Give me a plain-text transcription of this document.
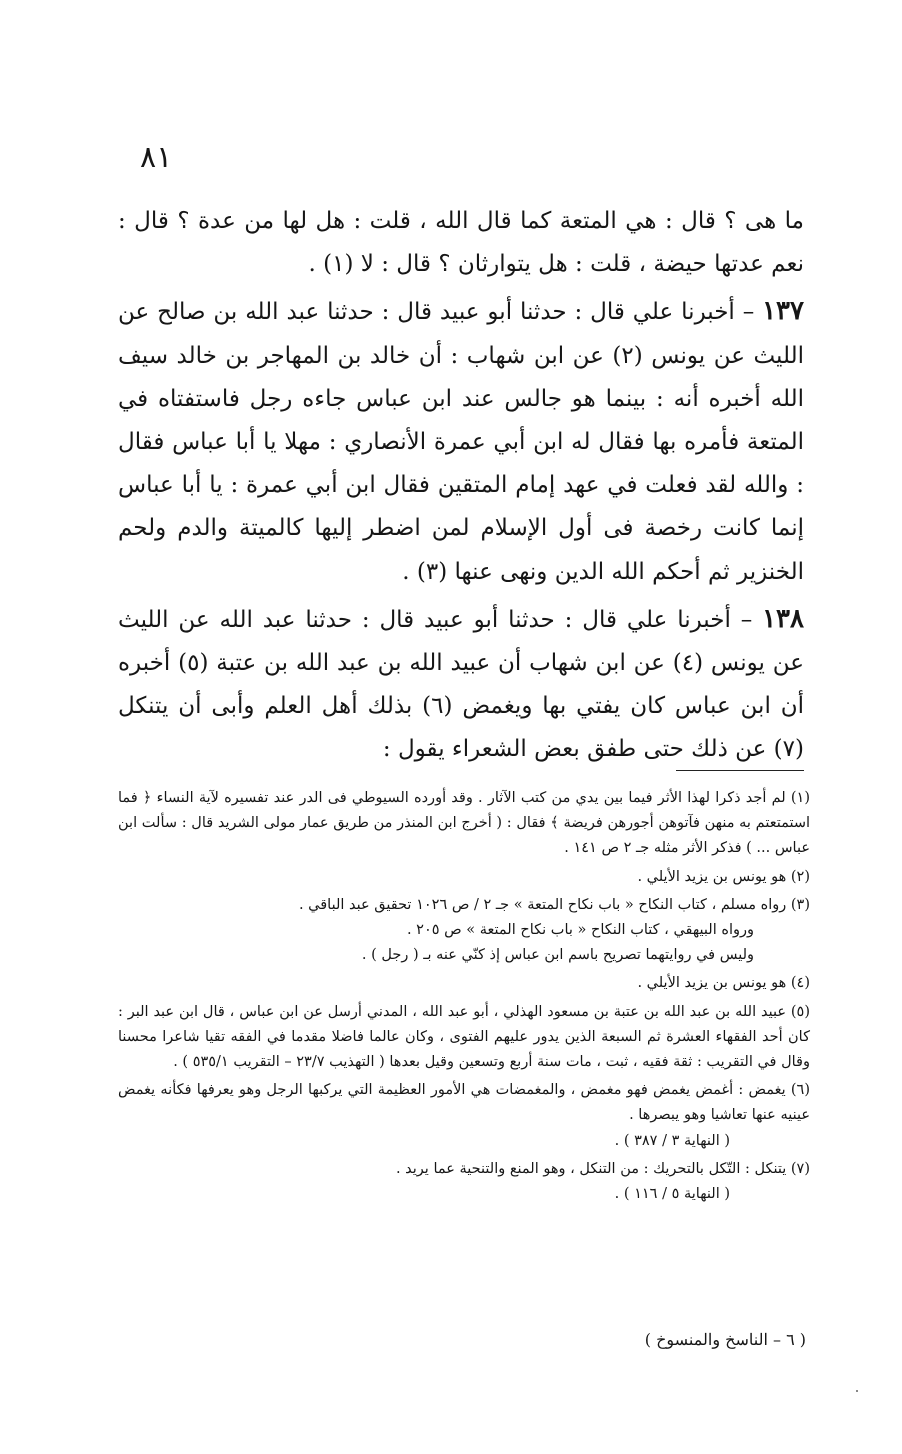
٨١

ما هى ؟ قال : هي المتعة كما قال الله ، قلت : هل لها من عدة ؟ قال : نعم عدتها حيضة ، قلت : هل يتوارثان ؟ قال : لا (١) .

١٣٧ – أخبرنا علي قال : حدثنا أبو عبيد قال : حدثنا عبد الله بن صالح عن الليث عن يونس (٢) عن ابن شهاب : أن خالد بن المهاجر بن خالد سيف الله أخبره أنه : بينما هو جالس عند ابن عباس جاءه رجل فاستفتاه في المتعة فأمره بها فقال له ابن أبي عمرة الأنصاري : مهلا يا أبا عباس فقال : والله لقد فعلت في عهد إمام المتقين فقال ابن أبي عمرة : يا أبا عباس إنما كانت رخصة فى أول الإسلام لمن اضطر إليها كالميتة والدم ولحم الخنزير ثم أحكم الله الدين ونهى عنها (٣) .

١٣٨ – أخبرنا علي قال : حدثنا أبو عبيد قال : حدثنا عبد الله عن الليث عن يونس (٤) عن ابن شهاب أن عبيد الله بن عبد الله بن عتبة (٥) أخبره أن ابن عباس كان يفتي بها ويغمض (٦) بذلك أهل العلم وأبى أن يتنكل (٧) عن ذلك حتى طفق بعض الشعراء يقول :

(١) لم أجد ذكرا لهذا الأثر فيما بين يدي من كتب الآثار . وقد أورده السيوطي فى الدر عند تفسيره لآية النساء ﴿ فما استمتعتم به منهن فآتوهن أجورهن فريضة ﴾ فقال : ( أخرج ابن المنذر من طريق عمار مولى الشريد قال : سألت ابن عباس ... ) فذكر الأثر مثله جـ ٢ ص ١٤١ .

(٢) هو يونس بن يزيد الأيلي .

(٣) رواه مسلم ، كتاب النكاح « باب نكاح المتعة » جـ ٢ / ص ١٠٢٦ تحقيق عبد الباقي .

ورواه البيهقي ، كتاب النكاح « باب نكاح المتعة » ص ٢٠٥ .

وليس في روايتهما تصريح باسم ابن عباس إذ كنّي عنه بـ ( رجل ) .

(٤) هو يونس بن يزيد الأيلي .

(٥) عبيد الله بن عبد الله بن عتبة بن مسعود الهذلي ، أبو عبد الله ، المدني أرسل عن ابن عباس ، قال ابن عبد البر : كان أحد الفقهاء العشرة ثم السبعة الذين يدور عليهم الفتوى ، وكان عالما فاضلا مقدما في الفقه تقيا شاعرا محسنا وقال في التقريب : ثقة فقيه ، ثبت ، مات سنة أربع وتسعين وقيل بعدها ( التهذيب ٢٣/٧ – التقريب ٥٣٥/١ ) .

(٦) يغمض : أغمض يغمض فهو مغمض ، والمغمضات هي الأمور العظيمة التي يركبها الرجل وهو يعرفها فكأنه يغمض عينيه عنها تعاشيا وهو يبصرها .

( النهاية ٣ / ٣٨٧ ) .

(٧) يتنكل : التّكل بالتحريك : من التنكل ، وهو المنع والتنحية عما يريد .

( النهاية ٥ / ١١٦ ) .

( ٦ – الناسخ والمنسوخ )
